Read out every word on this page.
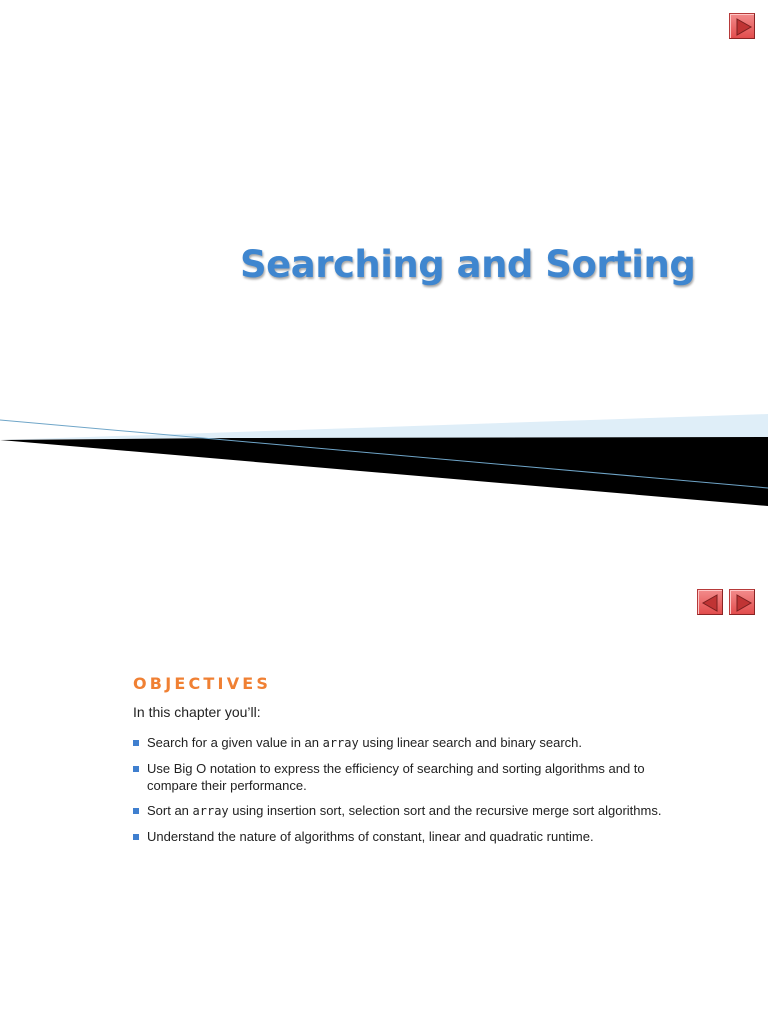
Searching and Sorting
OBJECTIVES

In this chapter you’ll:

Search for a given value in an array using linear search and binary search.
Use Big O notation to express the efficiency of searching and sorting algorithms and to compare their performance.
Sort an array using insertion sort, selection sort and the recursive merge sort algorithms.
Understand the nature of algorithms of constant, linear and quadratic runtime.
